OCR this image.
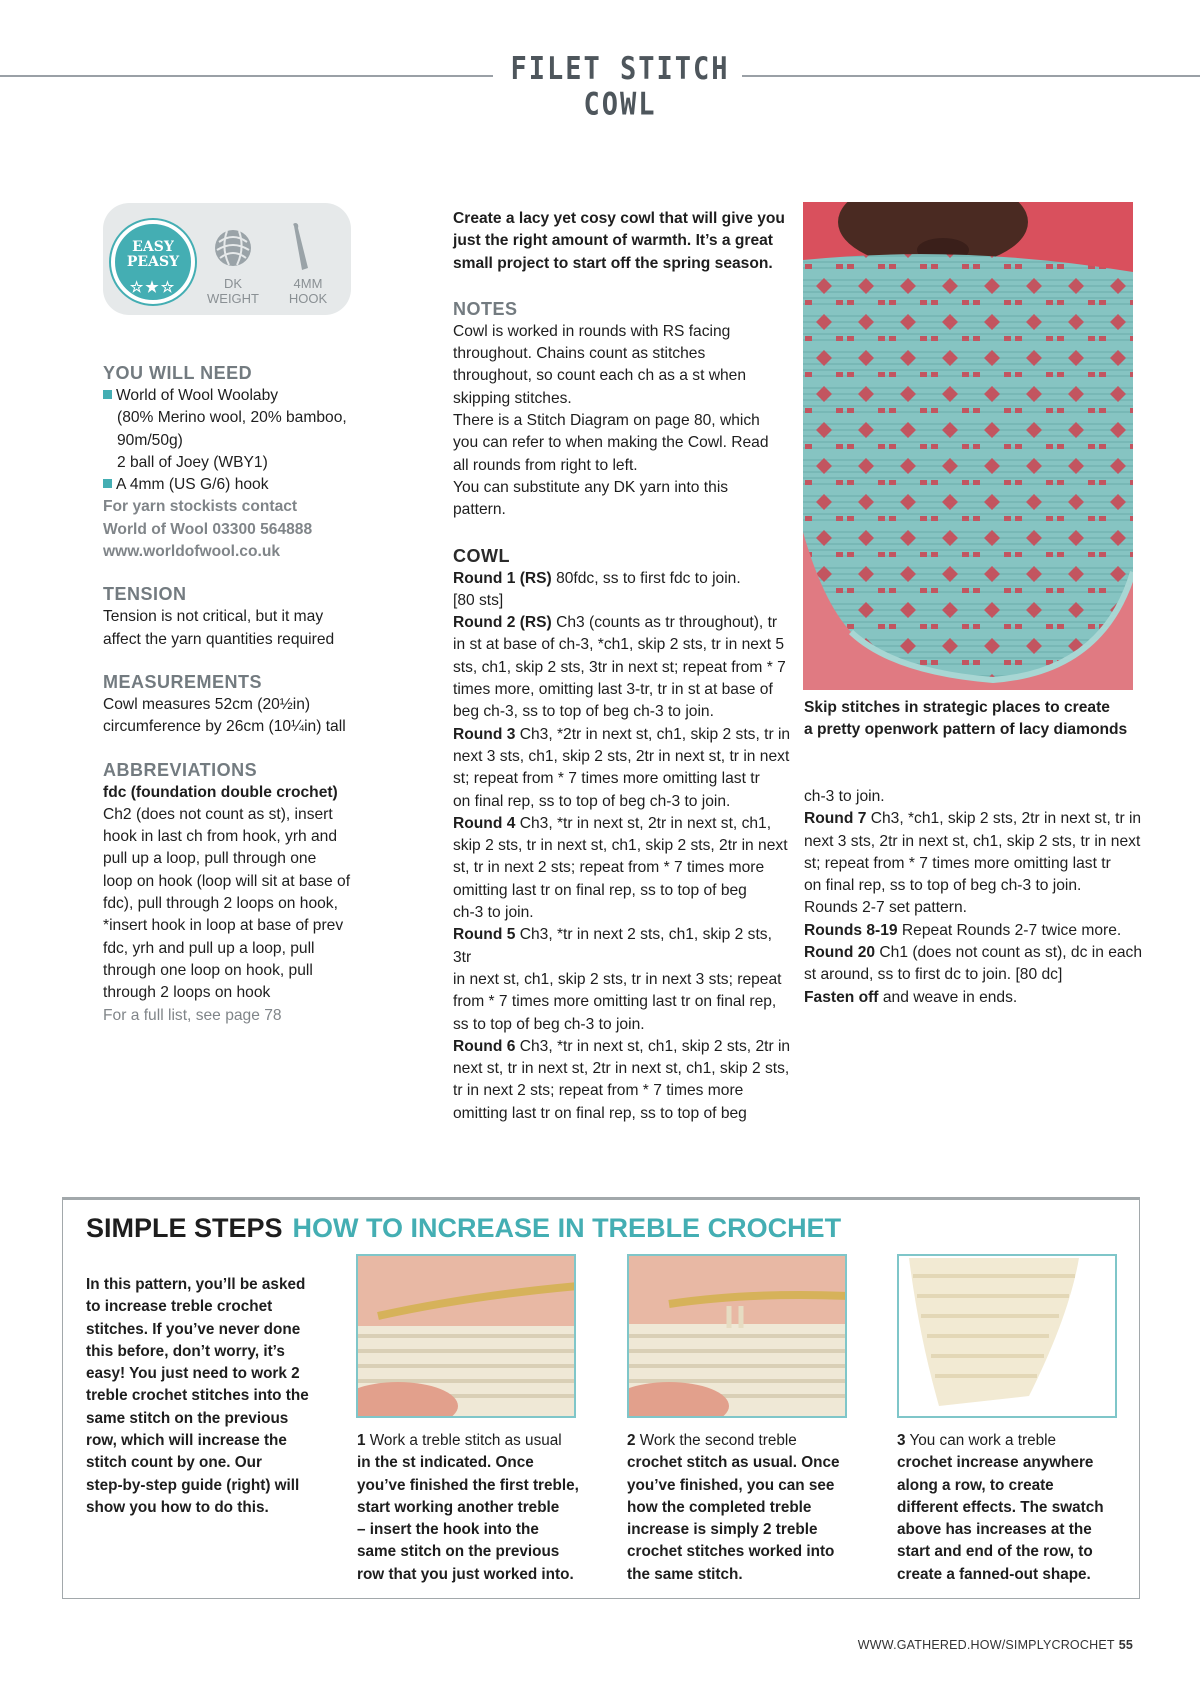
FILET STITCH COWL
EASY
PEASY
☆★☆	DK
WEIGHT
4MM
HOOK
YOU WILL NEED
World of Wool Woolaby
(80% Merino wool, 20% bamboo,
90m/50g)
2 ball of Joey (WBY1)
A 4mm (US G/6) hook
For yarn stockists contact
World of Wool 03300 564888
www.worldofwool.co.uk
TENSION
Tension is not critical, but it may
affect the yarn quantities required
MEASUREMENTS
Cowl measures 52cm (20½in)
circumference by 26cm (10¼in) tall
ABBREVIATIONS
fdc (foundation double crochet)
Ch2 (does not count as st), insert
hook in last ch from hook, yrh and
pull up a loop, pull through one
loop on hook (loop will sit at base of
fdc), pull through 2 loops on hook,
*insert hook in loop at base of prev
fdc, yrh and pull up a loop, pull
through one loop on hook, pull
through 2 loops on hook
For a full list, see page 78
Create a lacy yet cosy cowl that will give you
just the right amount of warmth. It’s a great
small project to start off the spring season.
NOTES
Cowl is worked in rounds with RS facing
throughout. Chains count as stitches
throughout, so count each ch as a st when
skipping stitches.
There is a Stitch Diagram on page 80, which
you can refer to when making the Cowl. Read
all rounds from right to left.
You can substitute any DK yarn into this
pattern.
COWL
Round 1 (RS) 80fdc, ss to first fdc to join.
[80 sts]
Round 2 (RS) Ch3 (counts as tr throughout), tr
in st at base of ch-3, *ch1, skip 2 sts, tr in next 5
sts, ch1, skip 2 sts, 3tr in next st; repeat from * 7
times more, omitting last 3-tr, tr in st at base of
beg ch-3, ss to top of beg ch-3 to join.
Round 3 Ch3, *2tr in next st, ch1, skip 2 sts, tr in
next 3 sts, ch1, skip 2 sts, 2tr in next st, tr in next
st; repeat from * 7 times more omitting last tr
on final rep, ss to top of beg ch-3 to join.
Round 4 Ch3, *tr in next st, 2tr in next st, ch1,
skip 2 sts, tr in next st, ch1, skip 2 sts, 2tr in next
st, tr in next 2 sts; repeat from * 7 times more
omitting last tr on final rep, ss to top of beg
ch-3 to join.
Round 5 Ch3, *tr in next 2 sts, ch1, skip 2 sts, 3tr
in next st, ch1, skip 2 sts, tr in next 3 sts; repeat
from * 7 times more omitting last tr on final rep,
ss to top of beg ch-3 to join.
Round 6 Ch3, *tr in next st, ch1, skip 2 sts, 2tr in
next st, tr in next st, 2tr in next st, ch1, skip 2 sts,
tr in next 2 sts; repeat from * 7 times more
omitting last tr on final rep, ss to top of beg
Skip stitches in strategic places to create
a pretty openwork pattern of lacy diamonds
ch-3 to join.
Round 7 Ch3, *ch1, skip 2 sts, 2tr in next st, tr in
next 3 sts, 2tr in next st, ch1, skip 2 sts, tr in next
st; repeat from * 7 times more omitting last tr
on final rep, ss to top of beg ch-3 to join.
Rounds 2-7 set pattern.
Rounds 8-19 Repeat Rounds 2-7 twice more.
Round 20 Ch1 (does not count as st), dc in each
st around, ss to first dc to join. [80 dc]
Fasten off and weave in ends.
SIMPLE STEPS HOW TO INCREASE IN TREBLE CROCHET
In this pattern, you’ll be asked
to increase treble crochet
stitches. If you’ve never done
this before, don’t worry, it’s
easy! You just need to work 2
treble crochet stitches into the
same stitch on the previous
row, which will increase the
stitch count by one. Our
step-by-step guide (right) will
show you how to do this.
1 Work a treble stitch as usual
in the st indicated. Once
you’ve finished the first treble,
start working another treble
– insert the hook into the
same stitch on the previous
row that you just worked into.
2 Work the second treble
crochet stitch as usual. Once
you’ve finished, you can see
how the completed treble
increase is simply 2 treble
crochet stitches worked into
the same stitch.
3 You can work a treble
crochet increase anywhere
along a row, to create
different effects. The swatch
above has increases at the
start and end of the row, to
create a fanned-out shape.
WWW.GATHERED.HOW/SIMPLYCROCHET 55
